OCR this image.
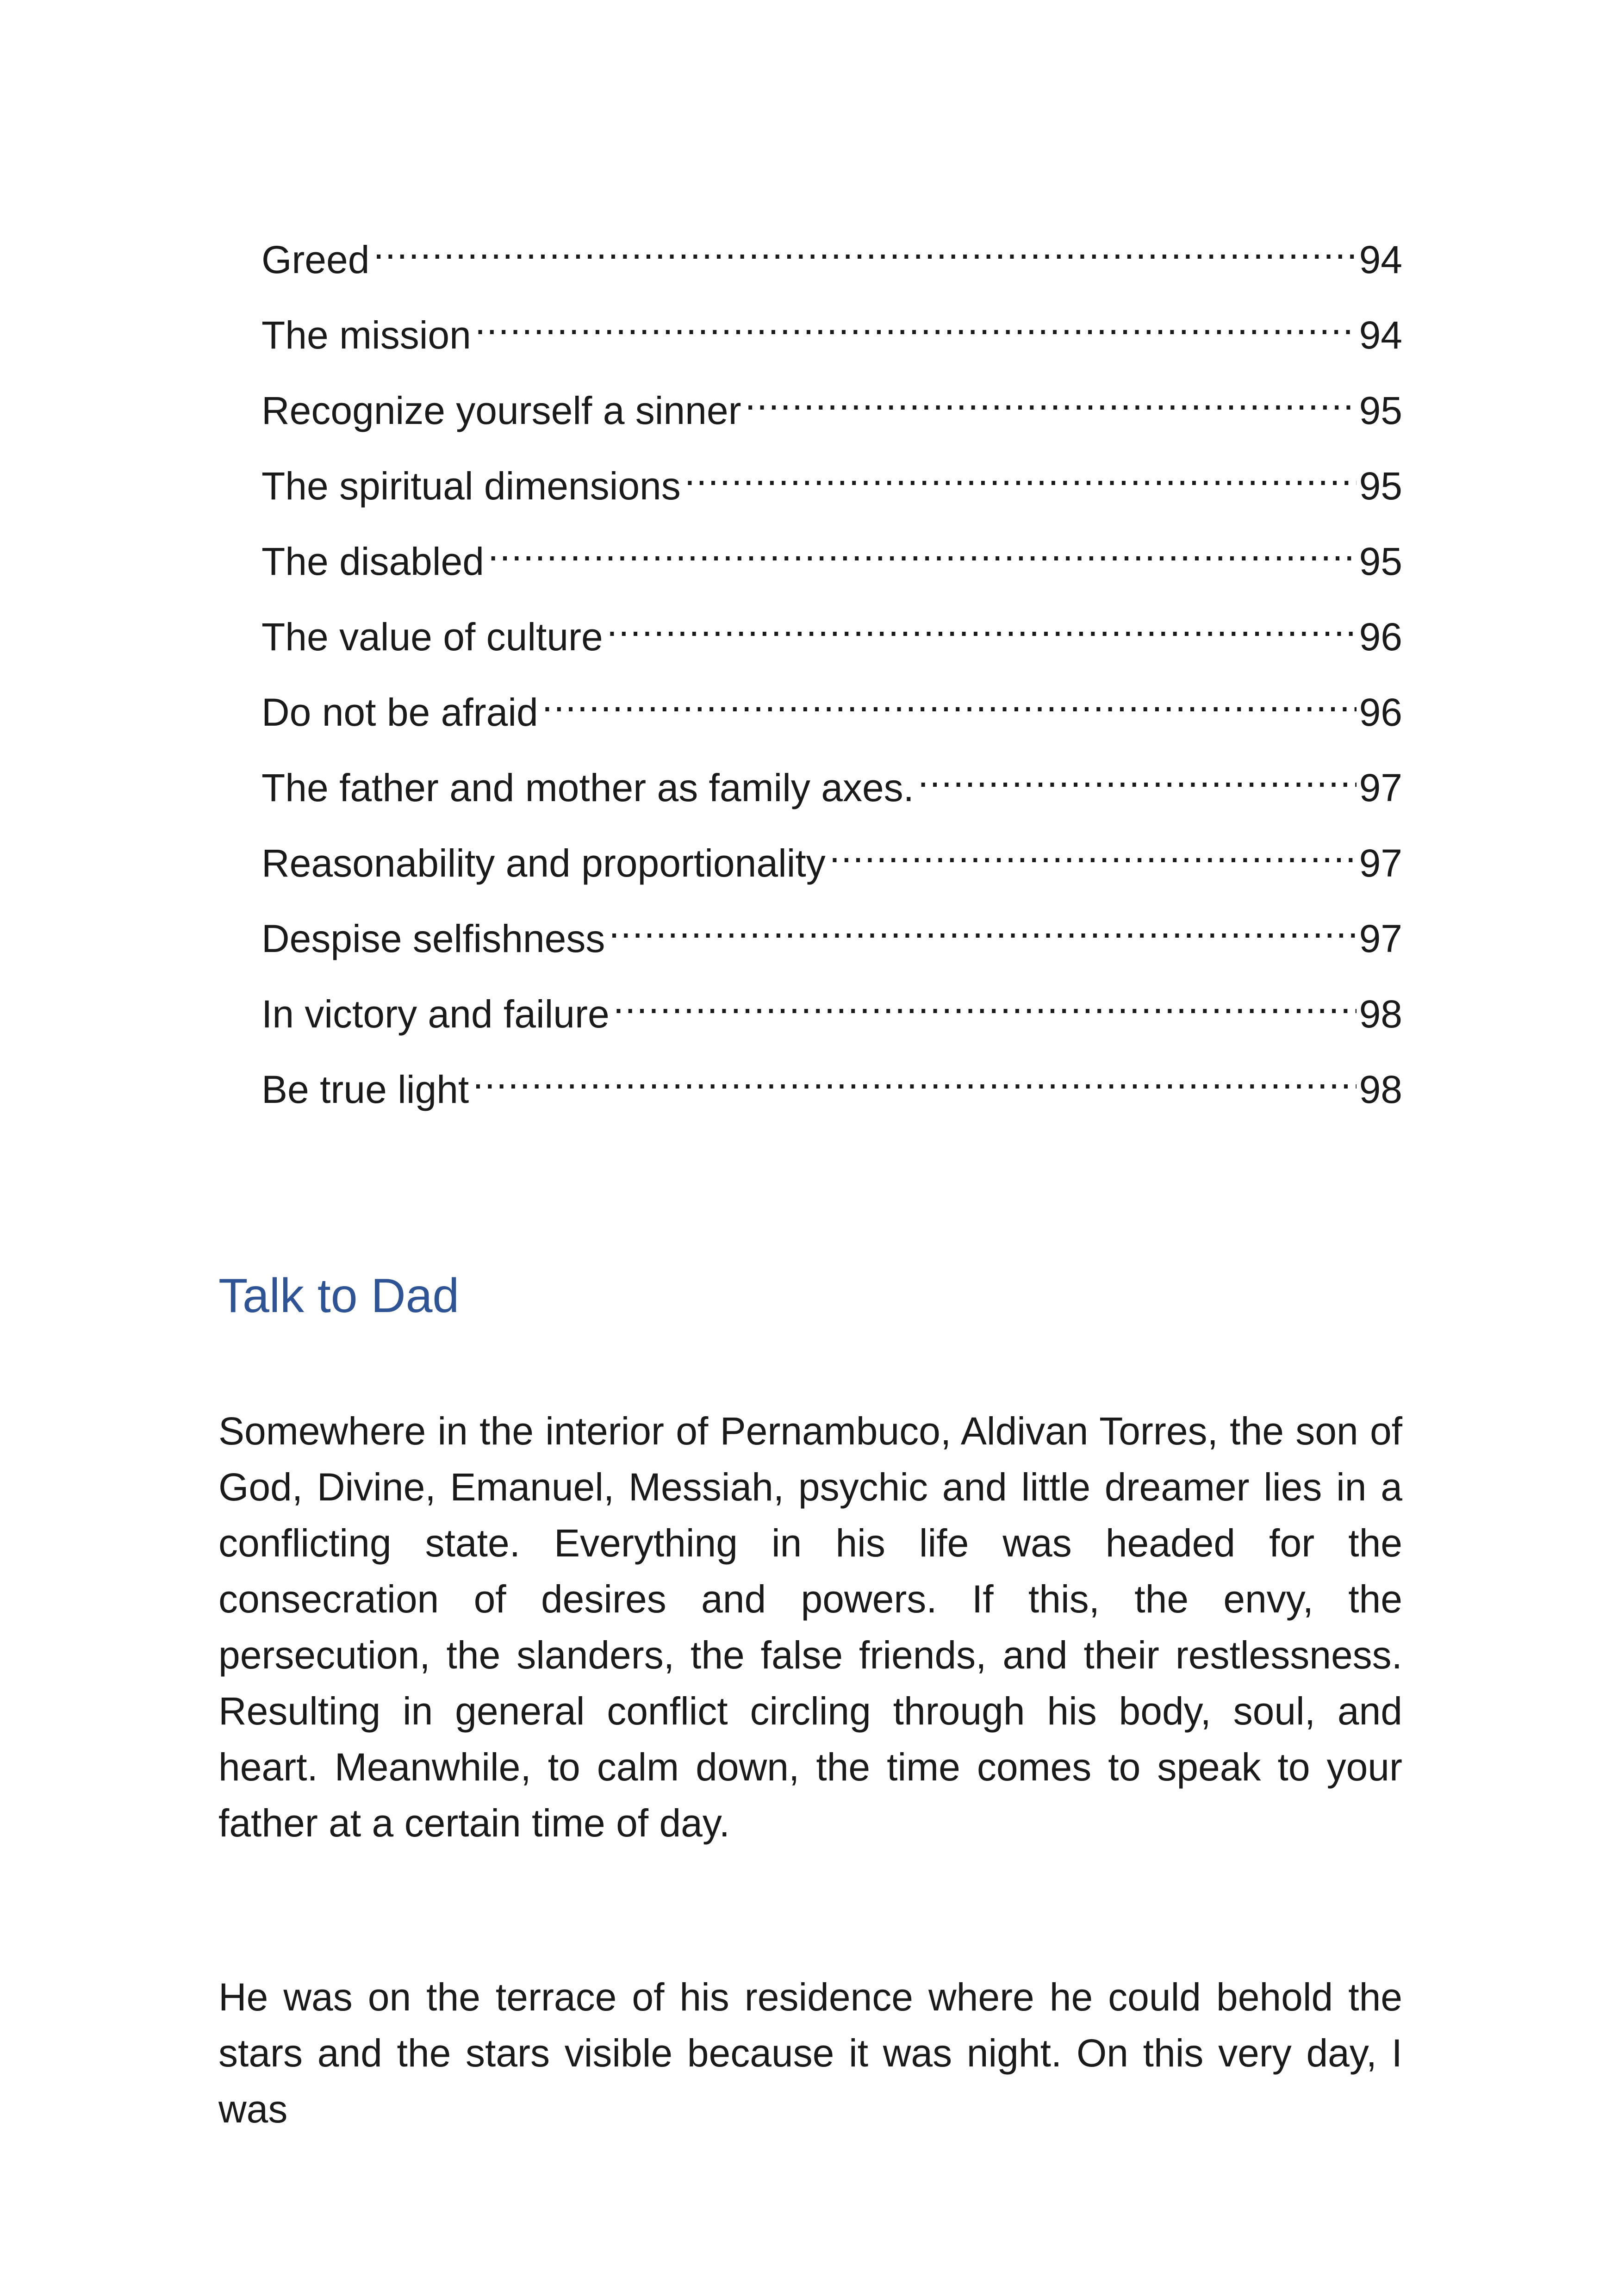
Greed .....	94
The mission .....	94
Recognize yourself a sinner .....	95
The spiritual dimensions .....	95
The disabled .....	95
The value of culture .....	96
Do not be afraid .....	96
The father and mother as family axes. .....	97
Reasonability and proportionality .....	97
Despise selfishness .....	97
In victory and failure .....	98
Be true light .....	98
Talk to Dad

Somewhere in the interior of Pernambuco, Aldivan Torres, the son of God, Divine, Emanuel, Messiah, psychic and little dreamer lies in a conflicting state. Everything in his life was headed for the consecration of desires and powers. If this, the envy, the persecution, the slanders, the false friends, and their restlessness. Resulting in general conflict circling through his body, soul, and heart. Meanwhile, to calm down, the time comes to speak to your father at a certain time of day.

He was on the terrace of his residence where he could behold the stars and the stars visible because it was night. On this very day, I was
